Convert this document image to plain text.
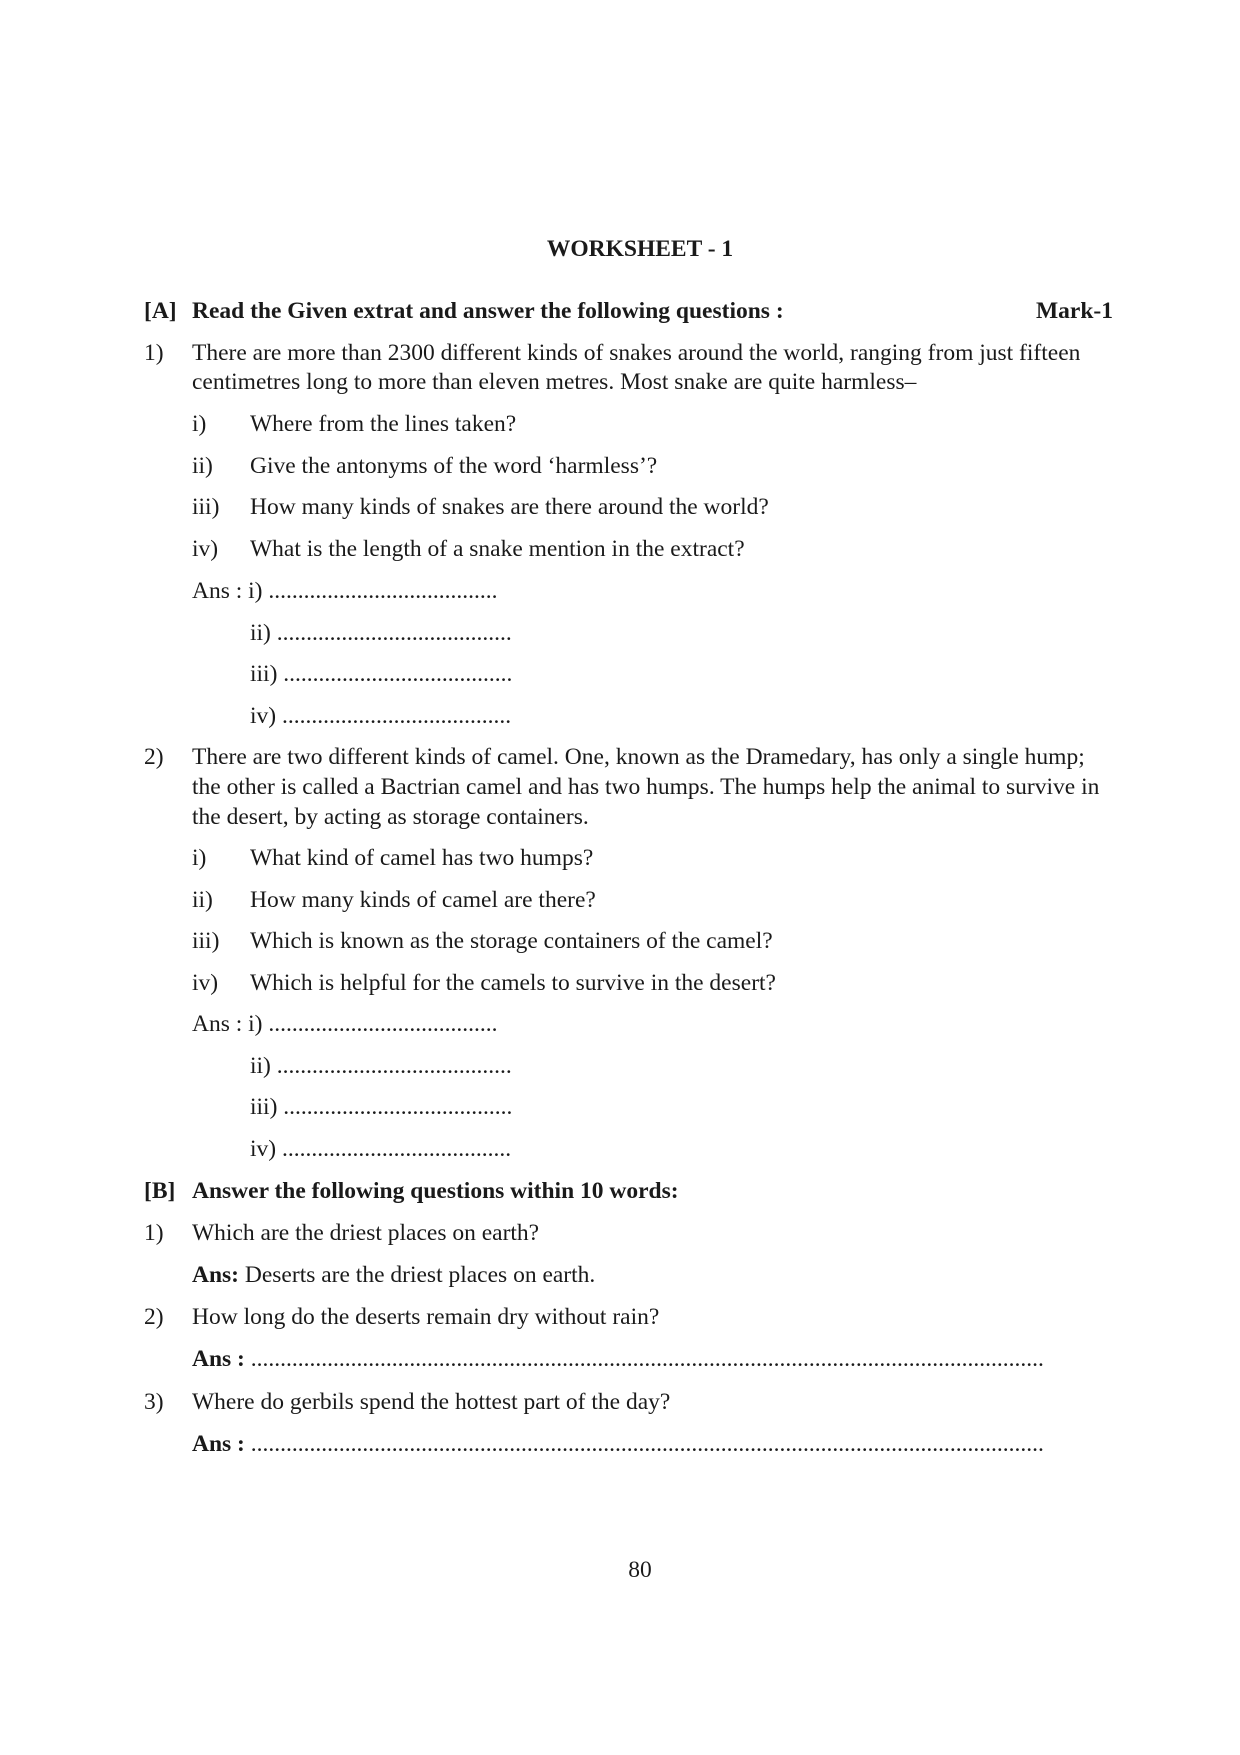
WORKSHEET - 1
[A] Read the Given extrat and answer the following questions :	Mark-1
1) There are more than 2300 different kinds of snakes around the world, ranging from just fifteen
centimetres long to more than eleven metres. Most snake are quite harmless–
i) Where from the lines taken?
ii) Give the antonyms of the word ‘harmless’?
iii) How many kinds of snakes are there around the world?
iv) What is the length of a snake mention in the extract?
Ans : i) .......................................
ii) ........................................
iii) .......................................
iv) .......................................
2) There are two different kinds of camel. One, known as the Dramedary, has only a single hump;
the other is called a Bactrian camel and has two humps. The humps help the animal to survive in
the desert, by acting as storage containers.
i) What kind of camel has two humps?
ii) How many kinds of camel are there?
iii) Which is known as the storage containers of the camel?
iv) Which is helpful for the camels to survive in the desert?
Ans : i) .......................................
ii) ........................................
iii) .......................................
iv) .......................................
[B] Answer the following questions within 10 words:
1) Which are the driest places on earth?
Ans: Deserts are the driest places on earth.
2) How long do the deserts remain dry without rain?
Ans : .......................................................................................................................................
3) Where do gerbils spend the hottest part of the day?
Ans : .......................................................................................................................................
80
